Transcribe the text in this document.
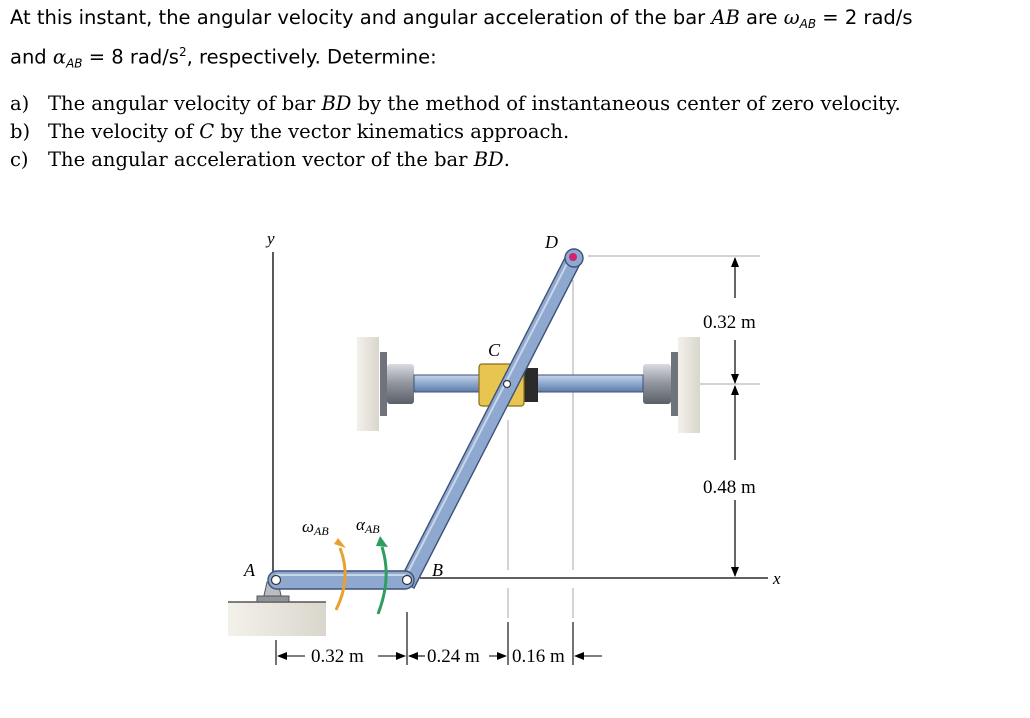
At this instant, the angular velocity and angular acceleration of the bar AB are $\omega_{AB} = 2$ rad/s

and $\alpha_{AB} = 8$ rad/$s^2$, respectively. Determine:

a) The angular velocity of bar BD by the method of instantaneous center of zero velocity.
b) The velocity of C by the vector kinematics approach.
c) The angular acceleration vector of the bar BD.
y
x
A	B
C
D
ωAB αAB
0.32 m
0.48 m
0.32 m	0.24 m 0.16 m
